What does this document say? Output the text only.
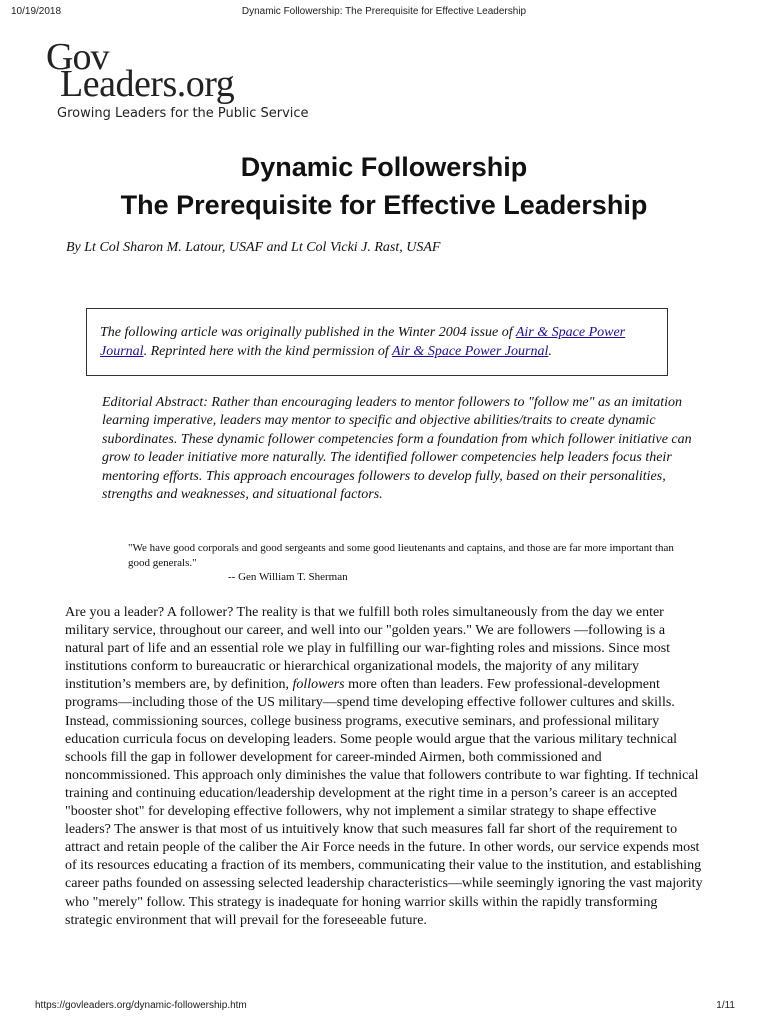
10/19/2018	Dynamic Followership: The Prerequisite for Effective Leadership
Gov
Leaders.org
Growing Leaders for the Public Service
Dynamic Followership
The Prerequisite for Effective Leadership
By Lt Col Sharon M. Latour, USAF and Lt Col Vicki J. Rast, USAF
The following article was originally published in the Winter 2004 issue of Air & Space Power Journal. Reprinted here with the kind permission of Air & Space Power Journal.
Editorial Abstract: Rather than encouraging leaders to mentor followers to "follow me" as an imitation learning imperative, leaders may mentor to specific and objective abilities/traits to create dynamic subordinates. These dynamic follower competencies form a foundation from which follower initiative can grow to leader initiative more naturally. The identified follower competencies help leaders focus their mentoring efforts. This approach encourages followers to develop fully, based on their personalities, strengths and weaknesses, and situational factors.
"We have good corporals and good sergeants and some good lieutenants and captains, and those are far more important than good generals."
-- Gen William T. Sherman
Are you a leader? A follower? The reality is that we fulfill both roles simultaneously from the day we enter military service, throughout our career, and well into our "golden years." We are followers —following is a natural part of life and an essential role we play in fulfilling our war-fighting roles and missions. Since most institutions conform to bureaucratic or hierarchical organizational models, the majority of any military institution’s members are, by definition, followers more often than leaders. Few professional-development programs—including those of the US military—spend time developing effective follower cultures and skills. Instead, commissioning sources, college business programs, executive seminars, and professional military education curricula focus on developing leaders. Some people would argue that the various military technical schools fill the gap in follower development for career-minded Airmen, both commissioned and noncommissioned. This approach only diminishes the value that followers contribute to war fighting. If technical training and continuing education/leadership development at the right time in a person’s career is an accepted "booster shot" for developing effective followers, why not implement a similar strategy to shape effective leaders? The answer is that most of us intuitively know that such measures fall far short of the requirement to attract and retain people of the caliber the Air Force needs in the future. In other words, our service expends most of its resources educating a fraction of its members, communicating their value to the institution, and establishing career paths founded on assessing selected leadership characteristics—while seemingly ignoring the vast majority who "merely" follow. This strategy is inadequate for honing warrior skills within the rapidly transforming strategic environment that will prevail for the foreseeable future.
https://govleaders.org/dynamic-followership.htm	1/11
